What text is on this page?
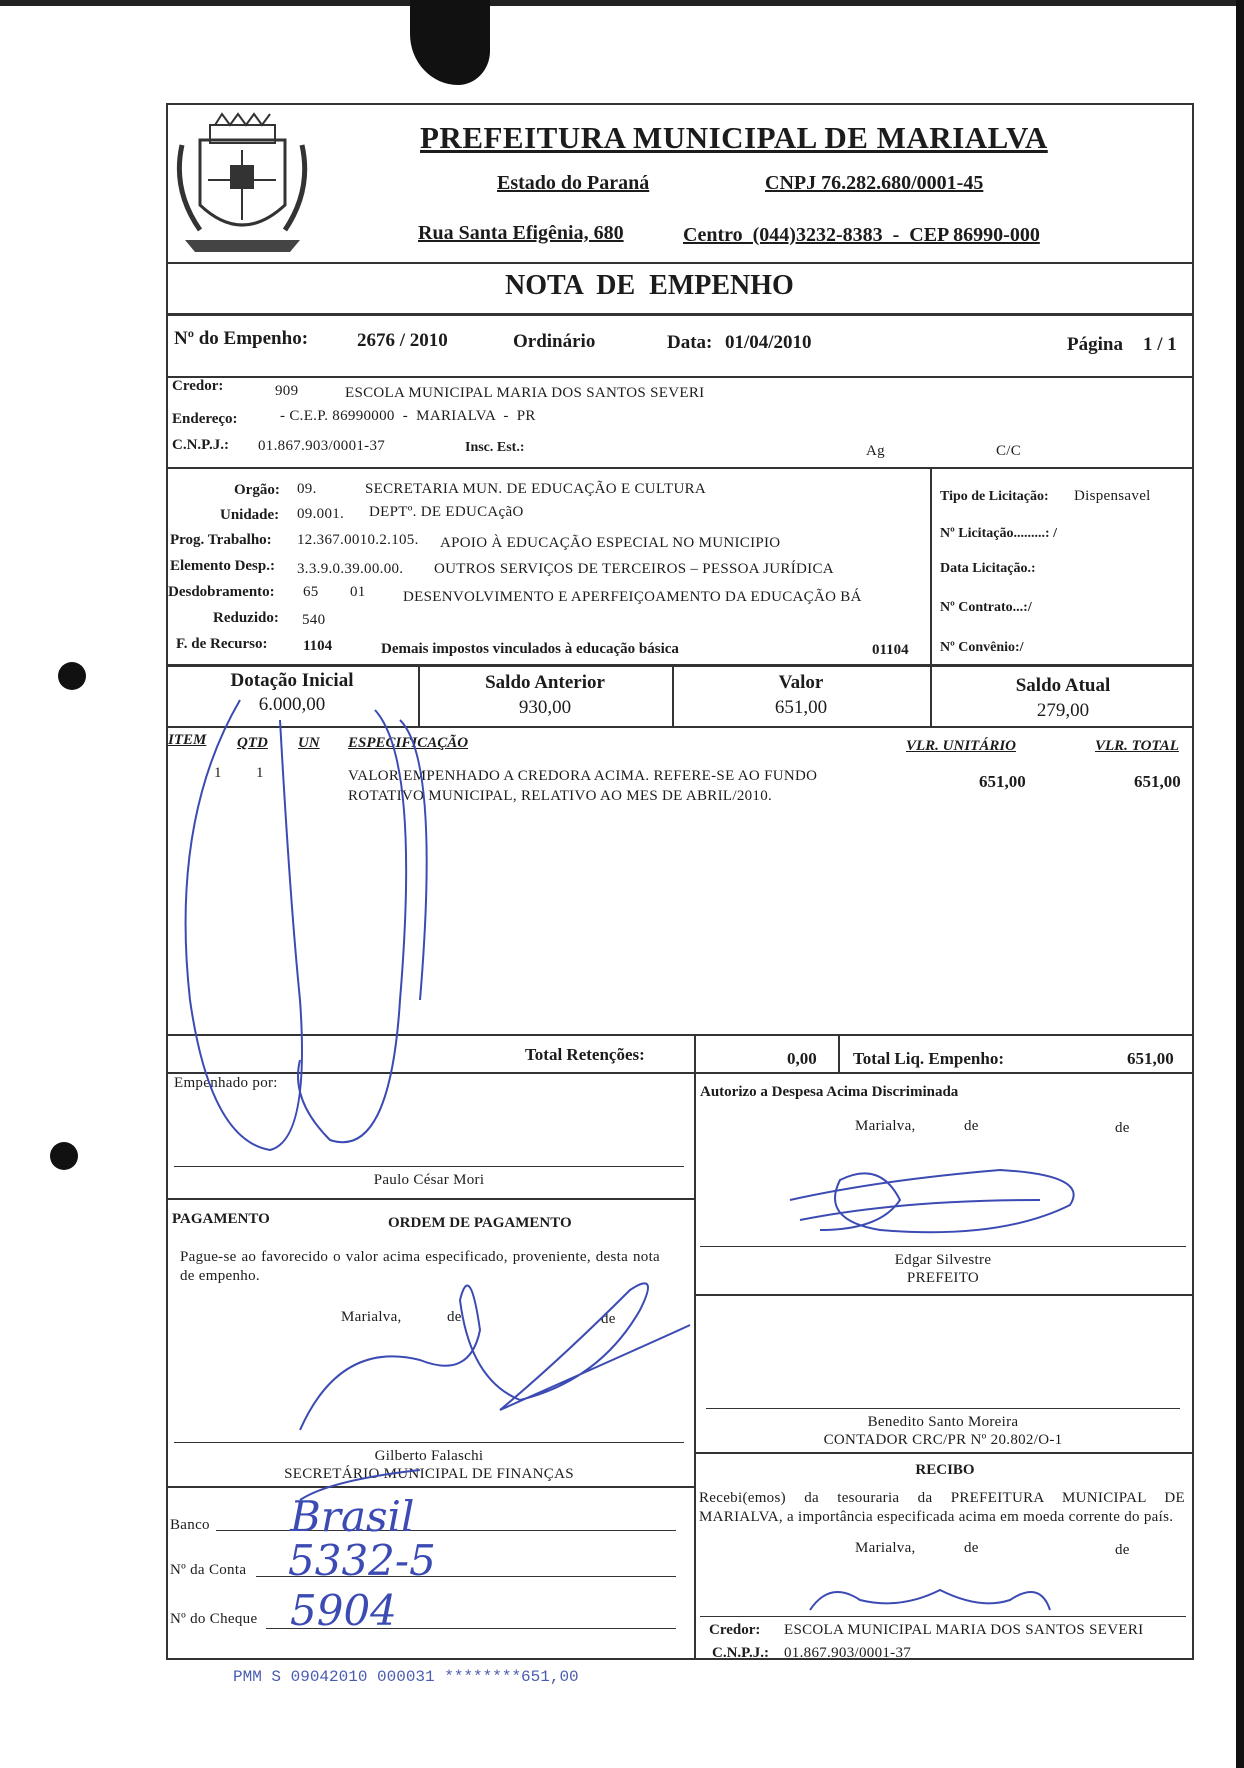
PREFEITURA MUNICIPAL DE MARIALVA
Estado do Paraná	CNPJ 76.282.680/0001-45
Rua Santa Efigênia, 680	Centro  (044)3232-8383  -  CEP 86990-000
NOTA  DE  EMPENHO
Nº do Empenho:	2676 / 2010	Ordinário	Data: 01/04/2010	Página 1 / 1
Credor:	909	ESCOLA MUNICIPAL MARIA DOS SANTOS SEVERI
Endereço:	- C.E.P. 86990000  -  MARIALVA  -  PR
C.N.P.J.: 01.867.903/0001-37	Insc. Est.:	Ag	C/C
Orgão: 09.	SECRETARIA MUN. DE EDUCAÇÃO E CULTURA
Unidade: 09.001. DEPTº. DE EDUCAçãO
Prog. Trabalho: 12.367.0010.2.105. APOIO À EDUCAÇÃO ESPECIAL NO MUNICIPIO
Elemento Desp.: 3.3.9.0.39.00.00. OUTROS SERVIÇOS DE TERCEIROS – PESSOA JURÍDICA
Desdobramento: 65 01 DESENVOLVIMENTO E APERFEIÇOAMENTO DA EDUCAÇÃO BÁ
Reduzido: 540
F. de Recurso: 1104	Demais impostos vinculados à educação básica	01104
Tipo de Licitação: Dispensavel
Nº Licitação.........: /
Data Licitação.:
Nº Contrato...:/
Nº Convênio:/
Dotação Inicial
6.000,00
Saldo Anterior
930,00
Valor
651,00
Saldo Atual
279,00
ITEM QTD UN ESPECIFICAÇÃO	VLR. UNITÁRIO	VLR. TOTAL
1 1	VALOR EMPENHADO A CREDORA ACIMA. REFERE-SE AO FUNDO
ROTATIVO MUNICIPAL, RELATIVO AO MES DE ABRIL/2010.
651,00	651,00
Total Retenções:	0,00 Total Liq. Empenho:	651,00
Empenhado por:
Paulo César Mori
Autorizo a Despesa Acima Discriminada
Marialva,	de	de
Edgar Silvestre
PREFEITO
PAGAMENTO	ORDEM DE PAGAMENTO
Pague-se ao favorecido o valor acima especificado, proveniente, desta nota de empenho.
Marialva,	de	de
Gilberto Falaschi
SECRETÁRIO MUNICIPAL DE FINANÇAS
Banco Brasil
Nº da Conta 5332-5
Nº do Cheque 5904
Benedito Santo Moreira
CONTADOR CRC/PR Nº 20.802/O-1
RECIBO
Recebi(emos) da tesouraria da PREFEITURA MUNICIPAL DE MARIALVA, a importância especificada acima em moeda corrente do país.
Marialva,	de	de
Credor: ESCOLA MUNICIPAL MARIA DOS SANTOS SEVERI
C.N.P.J.: 01.867.903/0001-37
PMM S 09042010 000031 ********651,00
